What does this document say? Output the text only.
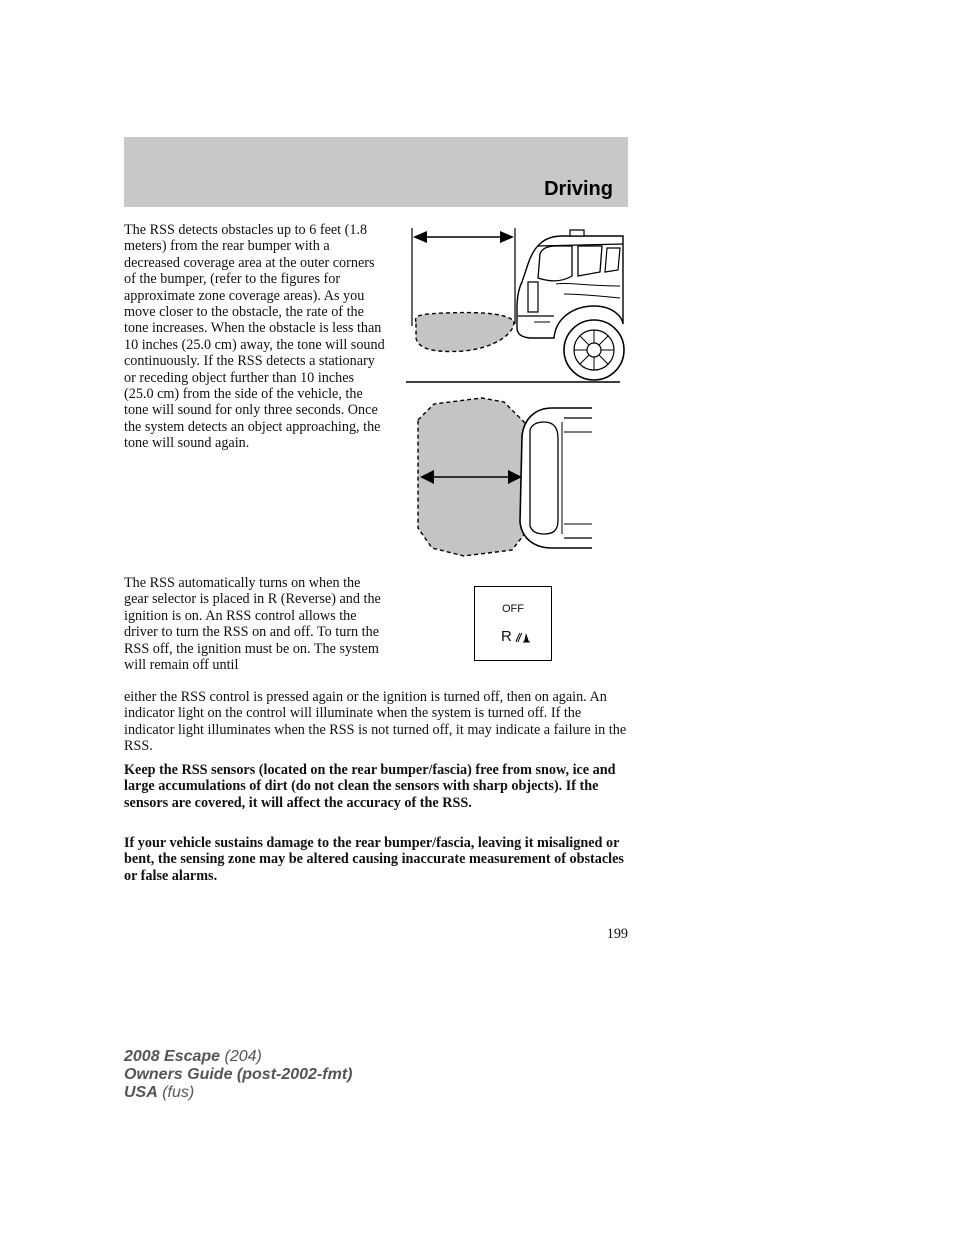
Driving

The RSS detects obstacles up to 6 feet (1.8 meters) from the rear bumper with a decreased coverage area at the outer corners of the bumper, (refer to the figures for approximate zone coverage areas). As you move closer to the obstacle, the rate of the tone increases. When the obstacle is less than 10 inches (25.0 cm) away, the tone will sound continuously. If the RSS detects a stationary or receding object further than 10 inches (25.0 cm) from the side of the vehicle, the tone will sound for only three seconds. Once the system detects an object approaching, the tone will sound again.

The RSS automatically turns on when the gear selector is placed in R (Reverse) and the ignition is on. An RSS control allows the driver to turn the RSS on and off. To turn the RSS off, the ignition must be on. The system will remain off until

OFF
R

either the RSS control is pressed again or the ignition is turned off, then on again. An indicator light on the control will illuminate when the system is turned off. If the indicator light illuminates when the RSS is not turned off, it may indicate a failure in the RSS.

Keep the RSS sensors (located on the rear bumper/fascia) free from snow, ice and large accumulations of dirt (do not clean the sensors with sharp objects). If the sensors are covered, it will affect the accuracy of the RSS.

If your vehicle sustains damage to the rear bumper/fascia, leaving it misaligned or bent, the sensing zone may be altered causing inaccurate measurement of obstacles or false alarms.

199
2008 Escape (204)
Owners Guide (post-2002-fmt)
USA (fus)
